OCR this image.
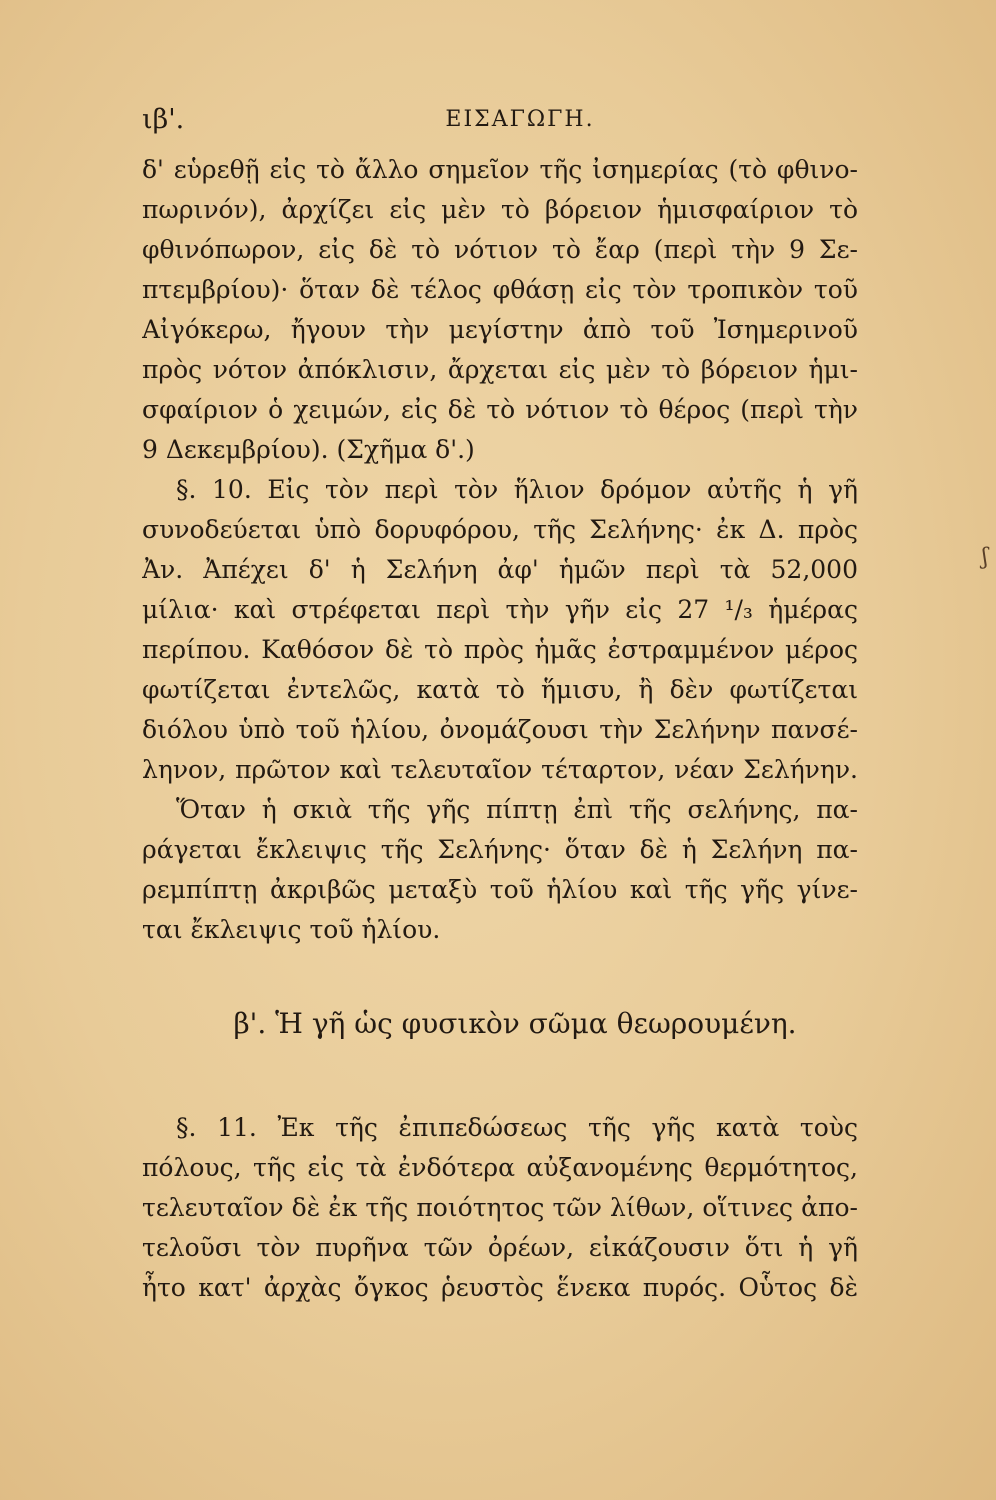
ιβ'.	ΕΙΣΑΓΩΓΗ.
δ' εὑρεθῇ εἰς τὸ ἄλλο σημεῖον τῆς ἰσημερίας (τὸ φθινο-
πωρινόν), ἀρχίζει εἰς μὲν τὸ βόρειον ἡμισφαίριον τὸ
φθινόπωρον, εἰς δὲ τὸ νότιον τὸ ἔαρ (περὶ τὴν 9 Σε-
πτεμβρίου)· ὅταν δὲ τέλος φθάσῃ εἰς τὸν τροπικὸν τοῦ
Αἰγόκερω, ἤγουν τὴν μεγίστην ἀπὸ τοῦ Ἰσημερινοῦ
πρὸς νότον ἀπόκλισιν, ἄρχεται εἰς μὲν τὸ βόρειον ἡμι-
σφαίριον ὁ χειμών, εἰς δὲ τὸ νότιον τὸ θέρος (περὶ τὴν
9 Δεκεμβρίου). (Σχῆμα δ'.)
§. 10. Εἰς τὸν περὶ τὸν ἥλιον δρόμον αὐτῆς ἡ γῆ
συνοδεύεται ὑπὸ δορυφόρου, τῆς Σελήνης· ἐκ Δ. πρὸς
Ἀν. Ἀπέχει δ' ἡ Σελήνη ἀφ' ἡμῶν περὶ τὰ 52,000
μίλια· καὶ στρέφεται περὶ τὴν γῆν εἰς 27 ¹/₃ ἡμέρας
περίπου. Καθόσον δὲ τὸ πρὸς ἡμᾶς ἐστραμμένον μέρος
φωτίζεται ἐντελῶς, κατὰ τὸ ἥμισυ, ἢ δὲν φωτίζεται
διόλου ὑπὸ τοῦ ἡλίου, ὀνομάζουσι τὴν Σελήνην πανσέ-
ληνον, πρῶτον καὶ τελευταῖον τέταρτον, νέαν Σελήνην.
Ὅταν ἡ σκιὰ τῆς γῆς πίπτῃ ἐπὶ τῆς σελήνης, πα-
ράγεται ἔκλειψις τῆς Σελήνης· ὅταν δὲ ἡ Σελήνη πα-
ρεμπίπτῃ ἀκριβῶς μεταξὺ τοῦ ἡλίου καὶ τῆς γῆς γίνε-
ται ἔκλειψις τοῦ ἡλίου.
β'. Ἡ γῆ ὡς φυσικὸν σῶμα θεωρουμένη.
§. 11. Ἐκ τῆς ἐπιπεδώσεως τῆς γῆς κατὰ τοὺς
πόλους, τῆς εἰς τὰ ἐνδότερα αὐξανομένης θερμότητος,
τελευταῖον δὲ ἐκ τῆς ποιότητος τῶν λίθων, οἵτινες ἀπο-
τελοῦσι τὸν πυρῆνα τῶν ὀρέων, εἰκάζουσιν ὅτι ἡ γῆ
ἦτο κατ' ἀρχὰς ὄγκος ῥευστὸς ἕνεκα πυρός. Οὗτος δὲ
ʃ
